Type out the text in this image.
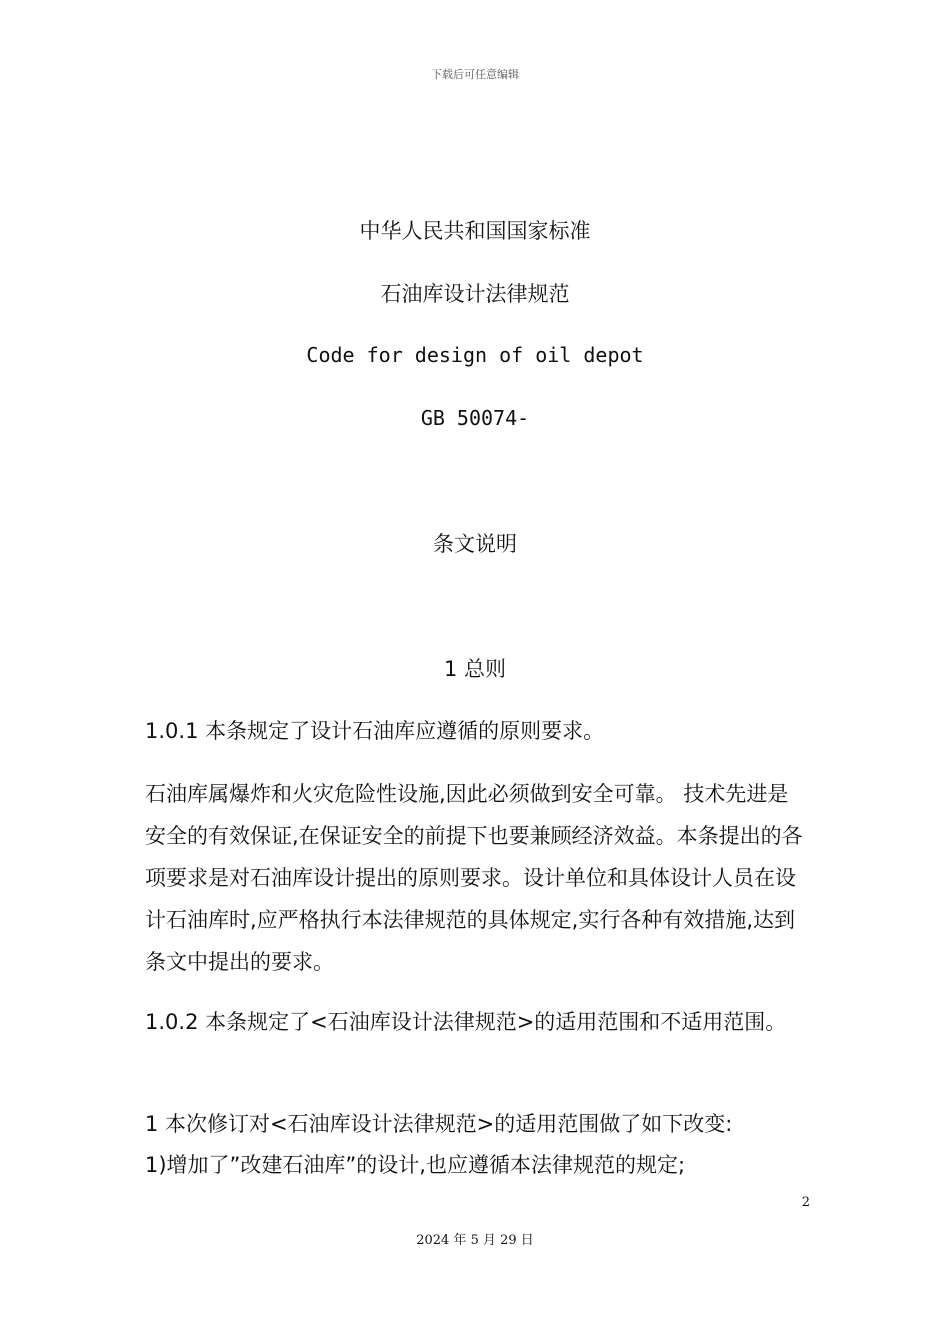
下载后可任意编辑
中华人民共和国国家标准
石油库设计法律规范
Code for design of oil depot
GB 50074-
条文说明
1 总则

1.0.1 本条规定了设计石油库应遵循的原则要求。

石油库属爆炸和火灾危险性设施,因此必须做到安全可靠。 技术先进是安全的有效保证,在保证安全的前提下也要兼顾经济效益。本条提出的各项要求是对石油库设计提出的原则要求。设计单位和具体设计人员在设计石油库时,应严格执行本法律规范的具体规定,实行各种有效措施,达到条文中提出的要求。

1.0.2 本条规定了<石油库设计法律规范>的适用范围和不适用范围。

1 本次修订对<石油库设计法律规范>的适用范围做了如下改变:

1)增加了”改建石油库”的设计,也应遵循本法律规范的规定;

2
2024 年 5 月 29 日
